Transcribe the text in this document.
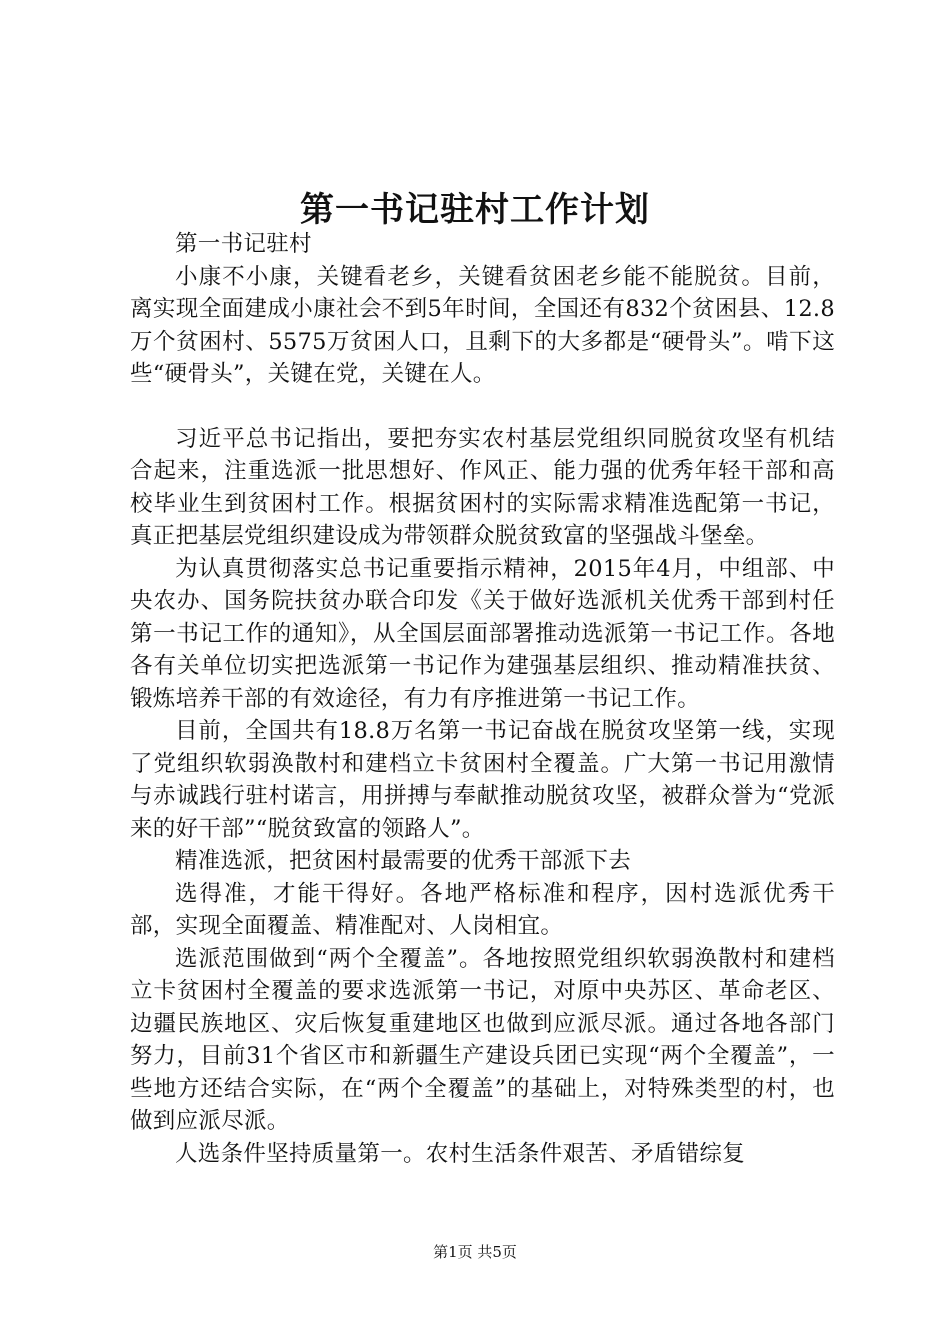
第一书记驻村工作计划

第一书记驻村

小康不小康，关键看老乡，关键看贫困老乡能不能脱贫。目前，离实现全面建成小康社会不到5年时间，全国还有832个贫困县、12.8万个贫困村、5575万贫困人口，且剩下的大多都是“硬骨头”。啃下这些“硬骨头”，关键在党，关键在人。

习近平总书记指出，要把夯实农村基层党组织同脱贫攻坚有机结合起来，注重选派一批思想好、作风正、能力强的优秀年轻干部和高校毕业生到贫困村工作。根据贫困村的实际需求精准选配第一书记，真正把基层党组织建设成为带领群众脱贫致富的坚强战斗堡垒。

为认真贯彻落实总书记重要指示精神，2015年4月，中组部、中央农办、国务院扶贫办联合印发《关于做好选派机关优秀干部到村任第一书记工作的通知》，从全国层面部署推动选派第一书记工作。各地各有关单位切实把选派第一书记作为建强基层组织、推动精准扶贫、锻炼培养干部的有效途径，有力有序推进第一书记工作。

目前，全国共有18.8万名第一书记奋战在脱贫攻坚第一线，实现了党组织软弱涣散村和建档立卡贫困村全覆盖。广大第一书记用激情与赤诚践行驻村诺言，用拼搏与奉献推动脱贫攻坚，被群众誉为“党派来的好干部”“脱贫致富的领路人”。

精准选派，把贫困村最需要的优秀干部派下去

选得准，才能干得好。各地严格标准和程序，因村选派优秀干部，实现全面覆盖、精准配对、人岗相宜。

选派范围做到“两个全覆盖”。各地按照党组织软弱涣散村和建档立卡贫困村全覆盖的要求选派第一书记，对原中央苏区、革命老区、边疆民族地区、灾后恢复重建地区也做到应派尽派。通过各地各部门努力，目前31个省区市和新疆生产建设兵团已实现“两个全覆盖”，一些地方还结合实际，在“两个全覆盖”的基础上，对特殊类型的村，也做到应派尽派。

人选条件坚持质量第一。农村生活条件艰苦、矛盾错综复

第1页 共5页
